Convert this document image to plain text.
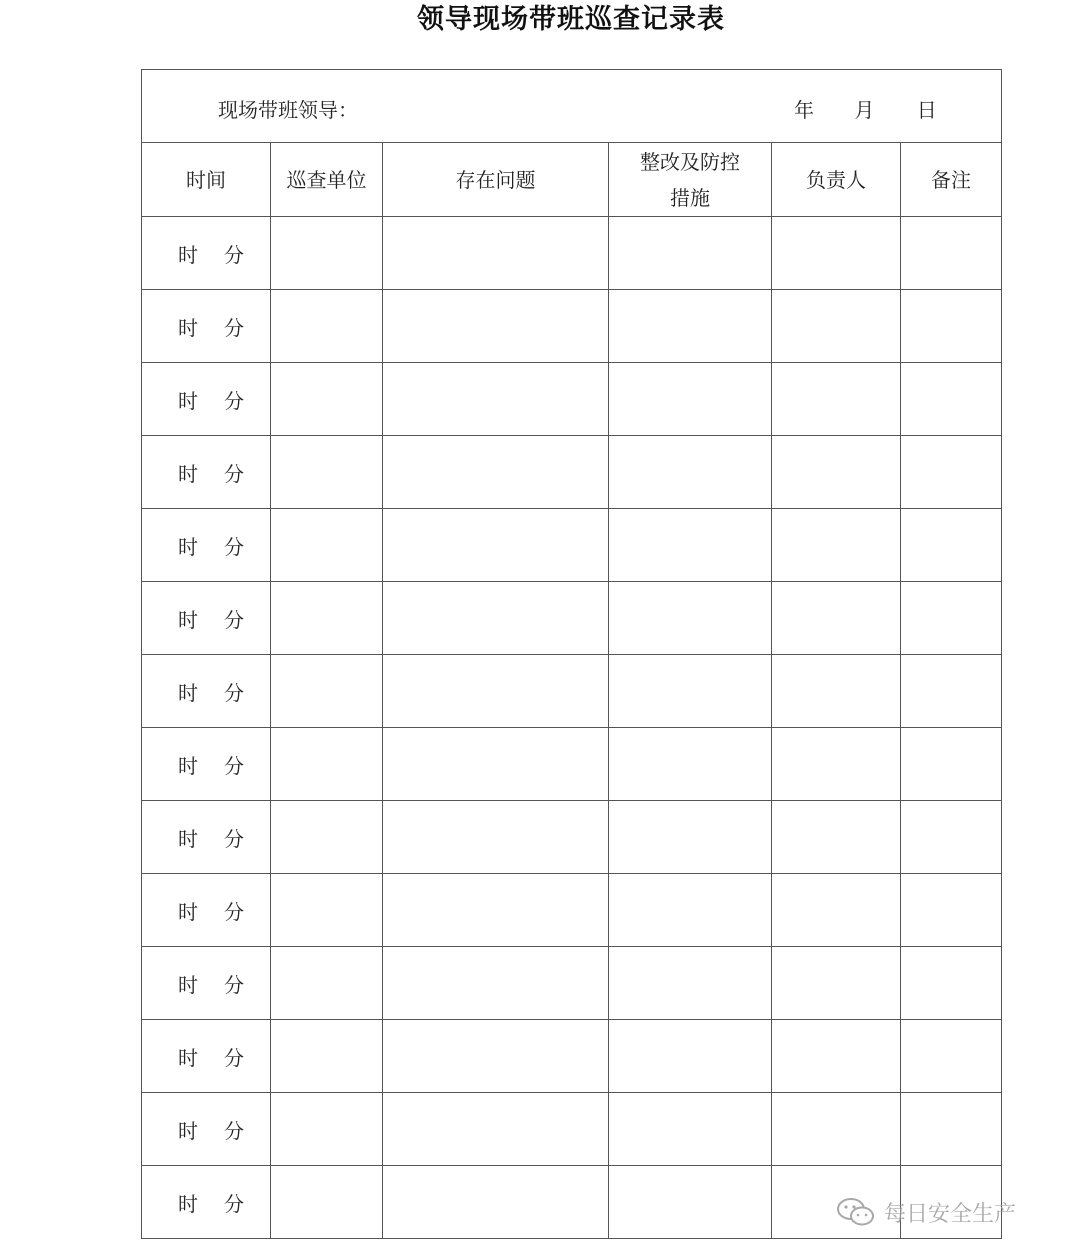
领导现场带班巡查记录表
现场带班领导： 年 月 日					

时间	巡查单位	存在问题	整改及防控措施	负责人	备注

时 分					
时 分					
时 分					
时 分					
时 分					
时 分					
时 分					
时 分					
时 分					
时 分					
时 分					
时 分					
时 分					
时 分						每日安全生产
